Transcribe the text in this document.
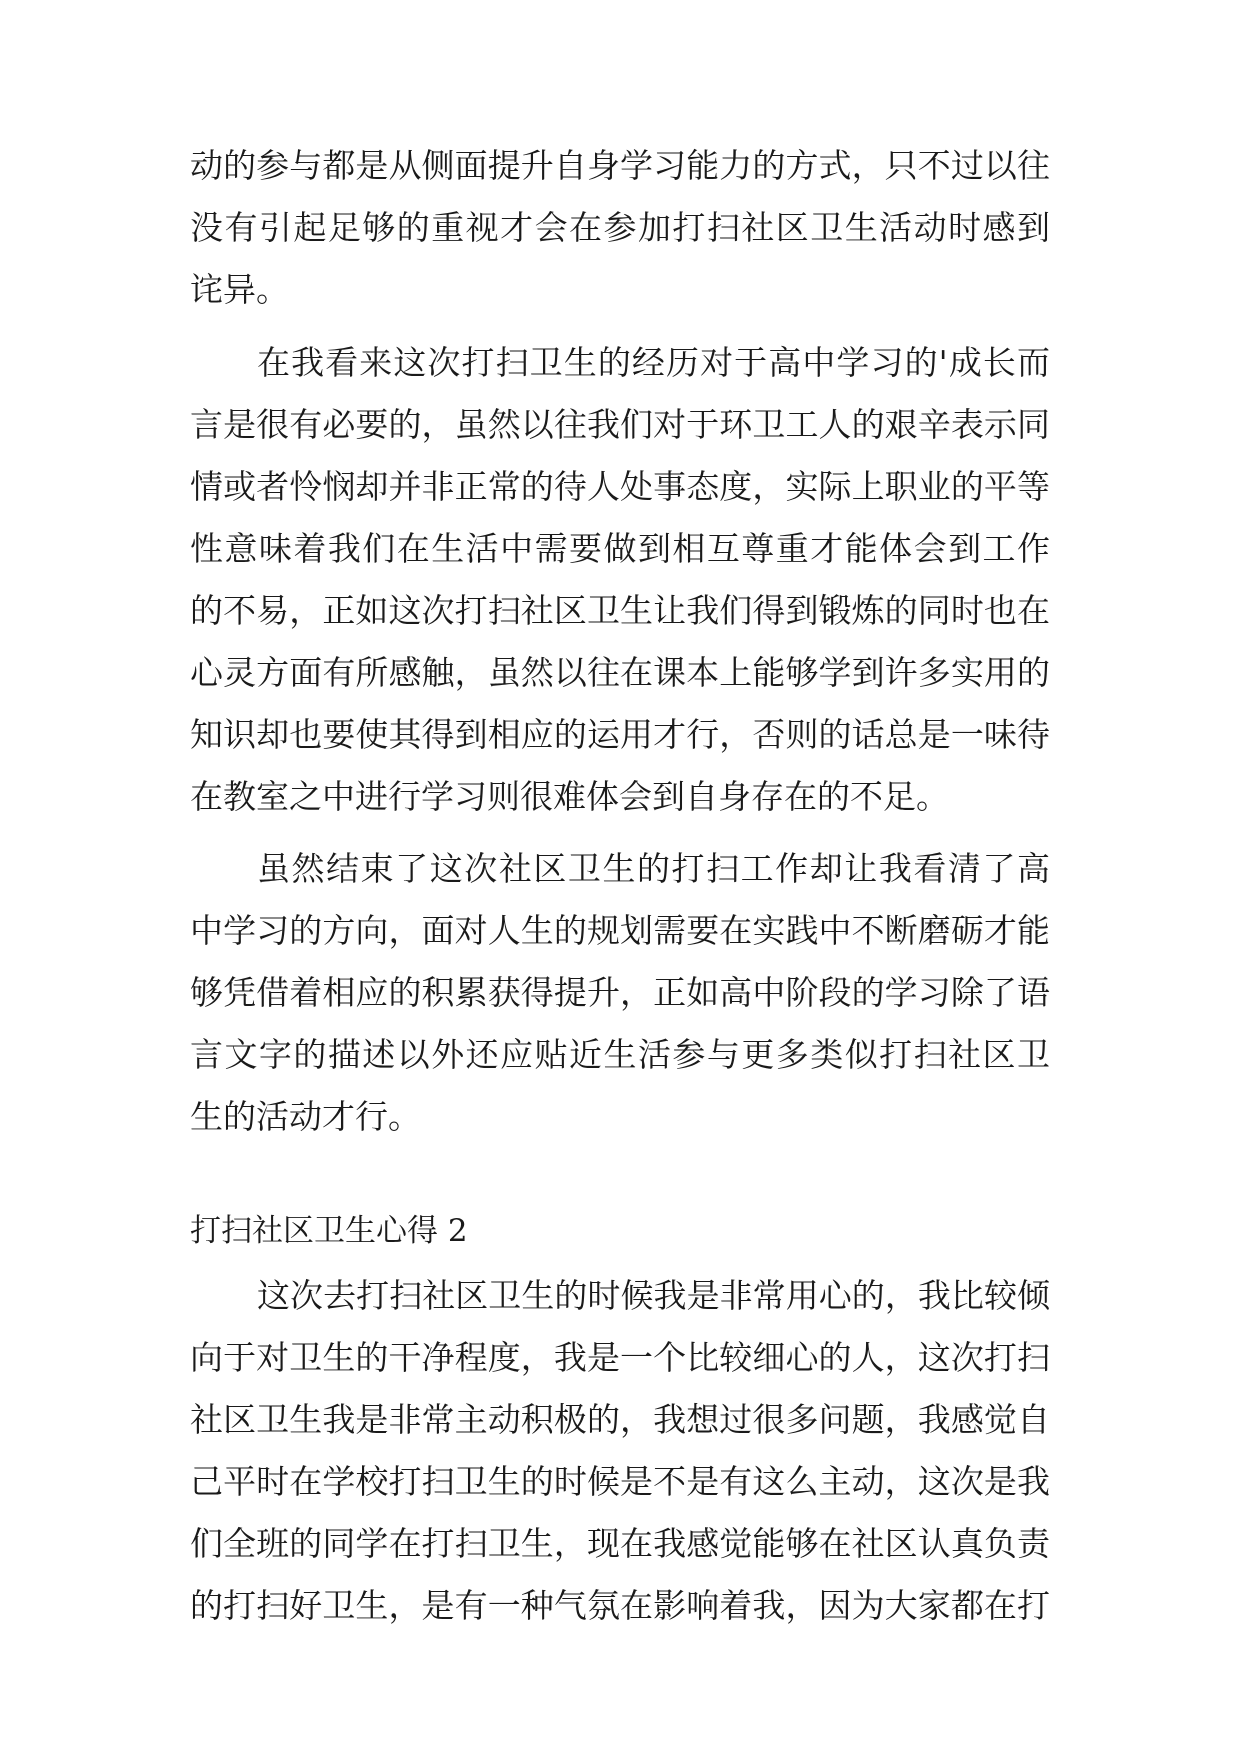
动的参与都是从侧面提升自身学习能力的方式，只不过以往
没有引起足够的重视才会在参加打扫社区卫生活动时感到
诧异。
在我看来这次打扫卫生的经历对于高中学习的'成长而
言是很有必要的，虽然以往我们对于环卫工人的艰辛表示同
情或者怜悯却并非正常的待人处事态度，实际上职业的平等
性意味着我们在生活中需要做到相互尊重才能体会到工作
的不易，正如这次打扫社区卫生让我们得到锻炼的同时也在
心灵方面有所感触，虽然以往在课本上能够学到许多实用的
知识却也要使其得到相应的运用才行，否则的话总是一味待
在教室之中进行学习则很难体会到自身存在的不足。
虽然结束了这次社区卫生的打扫工作却让我看清了高
中学习的方向，面对人生的规划需要在实践中不断磨砺才能
够凭借着相应的积累获得提升，正如高中阶段的学习除了语
言文字的描述以外还应贴近生活参与更多类似打扫社区卫
生的活动才行。
打扫社区卫生心得 2
这次去打扫社区卫生的时候我是非常用心的，我比较倾
向于对卫生的干净程度，我是一个比较细心的人，这次打扫
社区卫生我是非常主动积极的，我想过很多问题，我感觉自
己平时在学校打扫卫生的时候是不是有这么主动，这次是我
们全班的同学在打扫卫生，现在我感觉能够在社区认真负责
的打扫好卫生，是有一种气氛在影响着我，因为大家都在打
